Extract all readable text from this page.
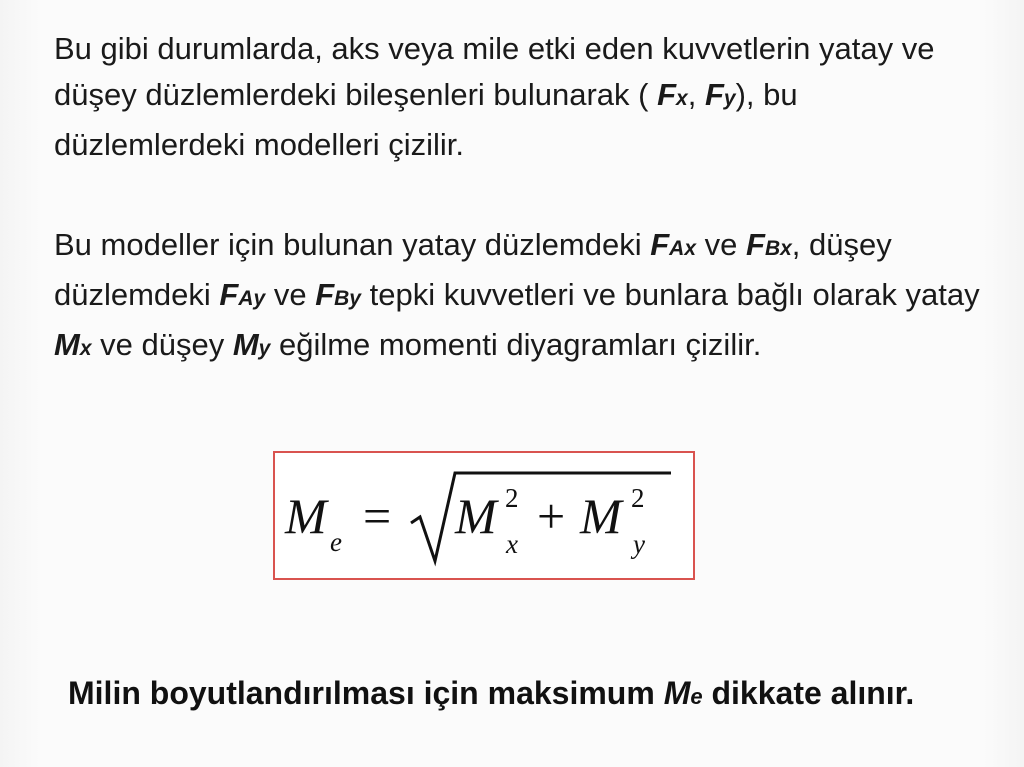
Bu gibi durumlarda, aks veya mile etki eden kuvvetlerin yatay ve düşey düzlemlerdeki bileşenleri bulunarak ( Fx, Fy), bu düzlemlerdeki modelleri çizilir.

Bu modeller için bulunan yatay düzlemdeki FAx ve FBx, düşey düzlemdeki FAy ve FBy tepki kuvvetleri ve bunlara bağlı olarak yatay Mx ve düşey My eğilme momenti diyagramları çizilir.

M e = M 2
x + M 2
y

Milin boyutlandırılması için maksimum Me dikkate alınır.
